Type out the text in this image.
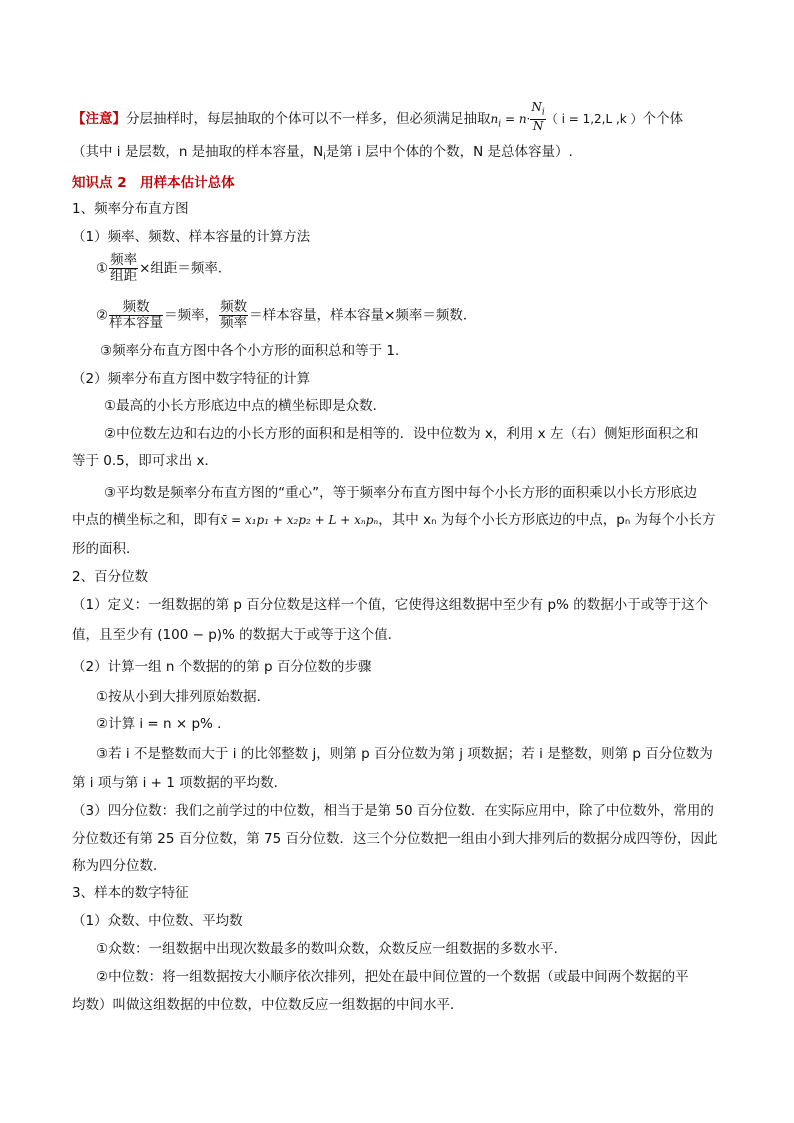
【注意】分层抽样时，每层抽取的个体可以不一样多，但必须满足抽取$n_i = n\cdot \frac{N_i}{N}$ （ i = 1,2,L ,k ）个个体
（其中 i 是层数，n 是抽取的样本容量，$N_i$是第 i 层中个体的个数，N 是总体容量）.
知识点 2　用样本估计总体
1、频率分布直方图
（1）频率、频数、样本容量的计算方法
① $\frac{\text{频率}}{\text{组距}}$ ×组距＝频率．
② $\frac{\text{频数}}{\text{样本容量}}$ ＝频率， $\frac{\text{频数}}{\text{频率}}$ ＝样本容量，样本容量×频率＝频数．
③频率分布直方图中各个小方形的面积总和等于 1．
（2）频率分布直方图中数字特征的计算
①最高的小长方形底边中点的横坐标即是众数．
②中位数左边和右边的小长方形的面积和是相等的．设中位数为 x，利用 x 左（右）侧矩形面积之和
等于 0.5，即可求出 x．
③平均数是频率分布直方图的“重心”，等于频率分布直方图中每个小长方形的面积乘以小长方形底边
中点的横坐标之和，即有x̄ = x₁p₁ + x₂p₂ + L + xₙpₙ，其中 xₙ 为每个小长方形底边的中点，pₙ 为每个小长方
形的面积．
2、百分位数
（1）定义：一组数据的第 p 百分位数是这样一个值，它使得这组数据中至少有 p% 的数据小于或等于这个
值，且至少有 (100 − p)% 的数据大于或等于这个值．
（2）计算一组 n 个数据的的第 p 百分位数的步骤
①按从小到大排列原始数据．
②计算 i = n × p% ．
③若 i 不是整数而大于 i 的比邻整数 j，则第 p 百分位数为第 j 项数据；若 i 是整数，则第 p 百分位数为
第 i 项与第 i + 1 项数据的平均数．
（3）四分位数：我们之前学过的中位数，相当于是第 50 百分位数．在实际应用中，除了中位数外，常用的
分位数还有第 25 百分位数，第 75 百分位数．这三个分位数把一组由小到大排列后的数据分成四等份，因此
称为四分位数．
3、样本的数字特征
（1）众数、中位数、平均数
①众数：一组数据中出现次数最多的数叫众数，众数反应一组数据的多数水平．
②中位数：将一组数据按大小顺序依次排列，把处在最中间位置的一个数据（或最中间两个数据的平
均数）叫做这组数据的中位数，中位数反应一组数据的中间水平．
